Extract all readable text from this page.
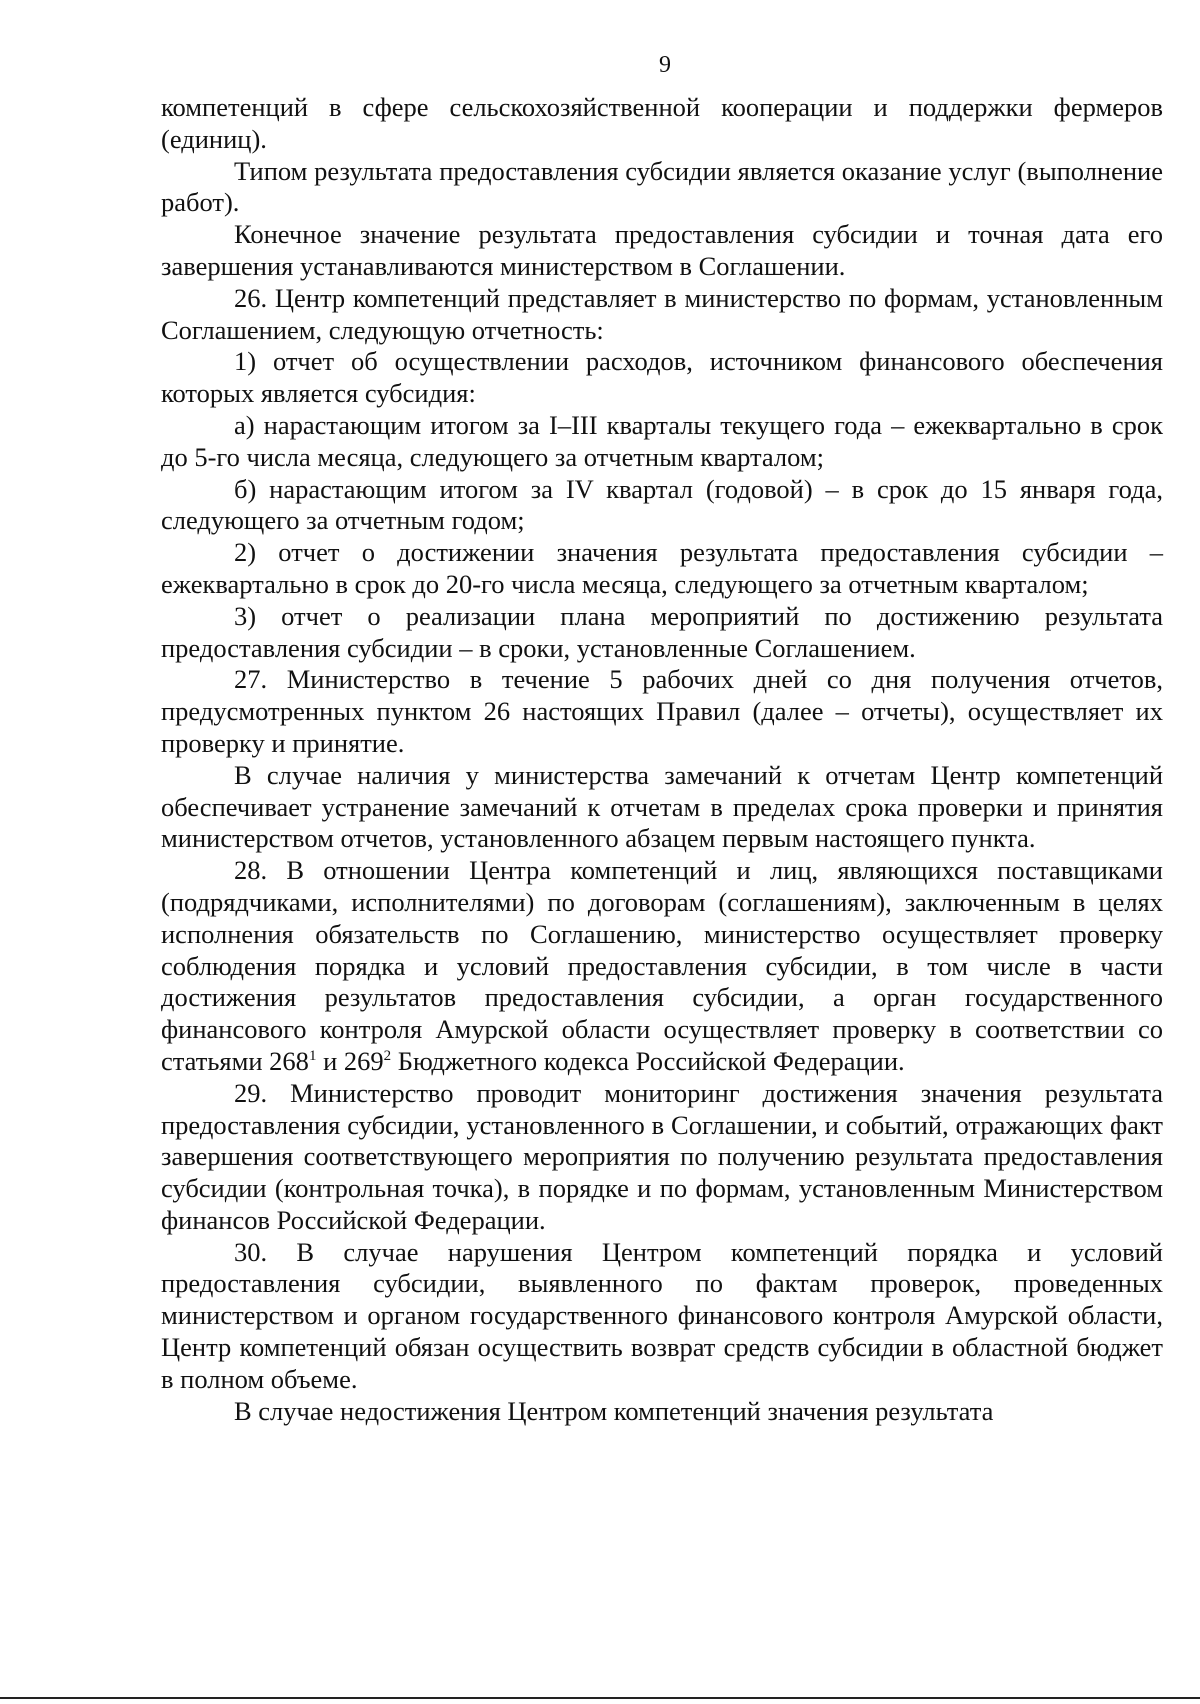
9

компетенций в сфере сельскохозяйственной кооперации и поддержки фермеров (единиц).

Типом результата предоставления субсидии является оказание услуг (выполнение работ).

Конечное значение результата предоставления субсидии и точная дата его завершения устанавливаются министерством в Соглашении.

26. Центр компетенций представляет в министерство по формам, установленным Соглашением, следующую отчетность:

1) отчет об осуществлении расходов, источником финансового обеспечения которых является субсидия:

а) нарастающим итогом за I–III кварталы текущего года – ежеквартально в срок до 5-го числа месяца, следующего за отчетным кварталом;

б) нарастающим итогом за IV квартал (годовой) – в срок до 15 января года, следующего за отчетным годом;

2) отчет о достижении значения результата предоставления субсидии – ежеквартально в срок до 20-го числа месяца, следующего за отчетным кварталом;

3) отчет о реализации плана мероприятий по достижению результата предоставления субсидии – в сроки, установленные Соглашением.

27. Министерство в течение 5 рабочих дней со дня получения отчетов, предусмотренных пунктом 26 настоящих Правил (далее – отчеты), осуществляет их проверку и принятие.

В случае наличия у министерства замечаний к отчетам Центр компетенций обеспечивает устранение замечаний к отчетам в пределах срока проверки и принятия министерством отчетов, установленного абзацем первым настоящего пункта.

28. В отношении Центра компетенций и лиц, являющихся поставщиками (подрядчиками, исполнителями) по договорам (соглашениям), заключенным в целях исполнения обязательств по Соглашению, министерство осуществляет проверку соблюдения порядка и условий предоставления субсидии, в том числе в части достижения результатов предоставления субсидии, а орган государственного финансового контроля Амурской области осуществляет проверку в соответствии со статьями $268^1$ и $269^2$ Бюджетного кодекса Российской Федерации.

29. Министерство проводит мониторинг достижения значения результата предоставления субсидии, установленного в Соглашении, и событий, отражающих факт завершения соответствующего мероприятия по получению результата предоставления субсидии (контрольная точка), в порядке и по формам, установленным Министерством финансов Российской Федерации.

30. В случае нарушения Центром компетенций порядка и условий предоставления субсидии, выявленного по фактам проверок, проведенных министерством и органом государственного финансового контроля Амурской области, Центр компетенций обязан осуществить возврат средств субсидии в областной бюджет в полном объеме.

В случае недостижения Центром компетенций значения результата
